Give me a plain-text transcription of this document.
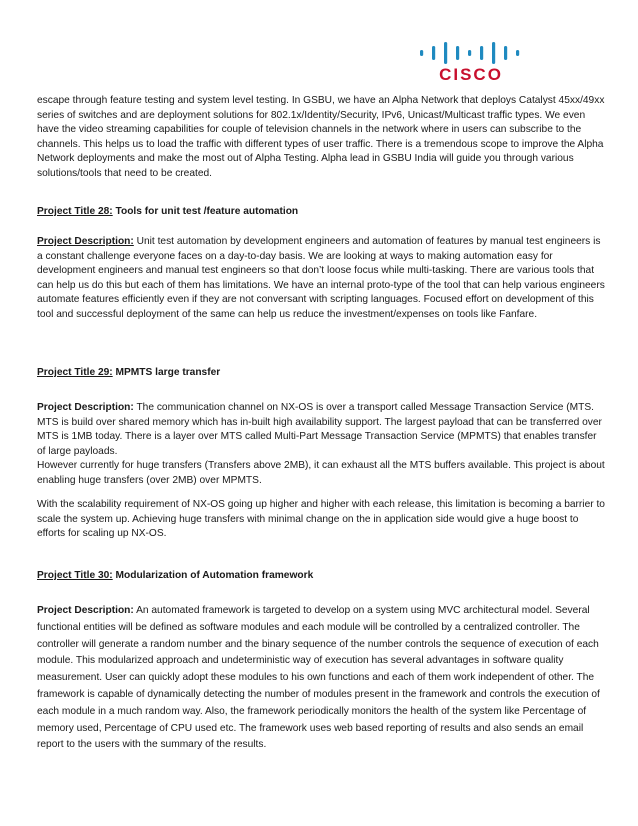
CISCO

escape through feature testing and system level testing. In GSBU, we have an Alpha Network that deploys Catalyst 45xx/49xx series of switches and are deployment solutions for 802.1x/Identity/Security, IPv6, Unicast/Multicast traffic types. We even have the video streaming capabilities for couple of television channels in the network where in users can subscribe to the channels. This helps us to load the traffic with different types of user traffic. There is a tremendous scope to improve the Alpha Network deployments and make the most out of Alpha Testing. Alpha lead in GSBU India will guide you through various solutions/tools that need to be created.

Project Title 28: Tools for unit test /feature automation

Project Description: Unit test automation by development engineers and automation of features by manual test engineers is a constant challenge everyone faces on a day-to-day basis. We are looking at ways to making automation easy for development engineers and manual test engineers so that don’t loose focus while multi-tasking. There are various tools that can help us do this but each of them has limitations. We have an internal proto-type of the tool that can help various engineers automate features efficiently even if they are not conversant with scripting languages. Focused effort on development of this tool and successful deployment of the same can help us reduce the investment/expenses on tools like Fanfare.

Project Title 29: MPMTS large transfer

Project Description: The communication channel on NX-OS is over a transport called Message Transaction Service (MTS. MTS is build over shared memory which has in-built high availability support. The largest payload that can be transferred over MTS is 1MB today. There is a layer over MTS called Multi-Part Message Transaction Service (MPMTS) that enables transfer of large payloads.

However currently for huge transfers (Transfers above 2MB), it can exhaust all the MTS buffers available. This project is about enabling huge transfers (over 2MB) over MPMTS.

With the scalability requirement of NX-OS going up higher and higher with each release, this limitation is becoming a barrier to scale the system up. Achieving huge transfers with minimal change on the in application side would give a huge boost to efforts for scaling up NX-OS.

Project Title 30: Modularization of Automation framework

Project Description: An automated framework is targeted to develop on a system using MVC architectural model. Several functional entities will be defined as software modules and each module will be controlled by a centralized controller. The controller will generate a random number and the binary sequence of the number controls the sequence of execution of each module. This modularized approach and undeterministic way of execution has several advantages in software quality measurement. User can quickly adopt these modules to his own functions and each of them work independent of other. The framework is capable of dynamically detecting the number of modules present in the framework and controls the execution of each module in a much random way. Also, the framework periodically monitors the health of the system like Percentage of memory used, Percentage of CPU used etc. The framework uses web based reporting of results and also sends an email report to the users with the summary of the results.
